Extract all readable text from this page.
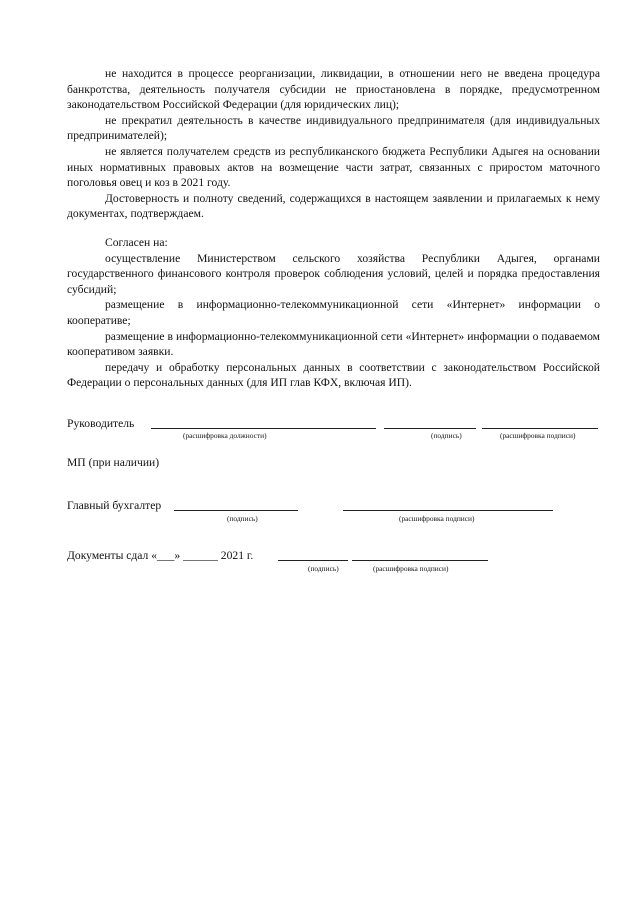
не находится в процессе реорганизации, ликвидации, в отношении него не введена процедура банкротства, деятельность получателя субсидии не приостановлена в порядке, предусмотренном законодательством Российской Федерации (для юридических лиц);

не прекратил деятельность в качестве индивидуального предпринимателя (для индивидуальных предпринимателей);

не является получателем средств из республиканского бюджета Республики Адыгея на основании иных нормативных правовых актов на возмещение части затрат, связанных с приростом маточного поголовья овец и коз в 2021 году.

Достоверность и полноту сведений, содержащихся в настоящем заявлении и прилагаемых к нему документах, подтверждаем.

Согласен на:

осуществление Министерством сельского хозяйства Республики Адыгея, органами государственного финансового контроля проверок соблюдения условий, целей и порядка предоставления субсидий;

размещение в информационно-телекоммуникационной сети «Интернет» информации о кооперативе;

размещение в информационно-телекоммуникационной сети «Интернет» информации о подаваемом кооперативом заявки.

передачу и обработку персональных данных в соответствии с законодательством Российской Федерации о персональных данных (для ИП глав КФХ, включая ИП).

Руководитель
(расшифровка должности)	(подпись)	(расшифровка подписи)
МП (при наличии)
Главный бухгалтер
(подпись)	(расшифровка подписи)
Документы сдал «___» ______ 2021 г.
(подпись)	(расшифровка подписи)
